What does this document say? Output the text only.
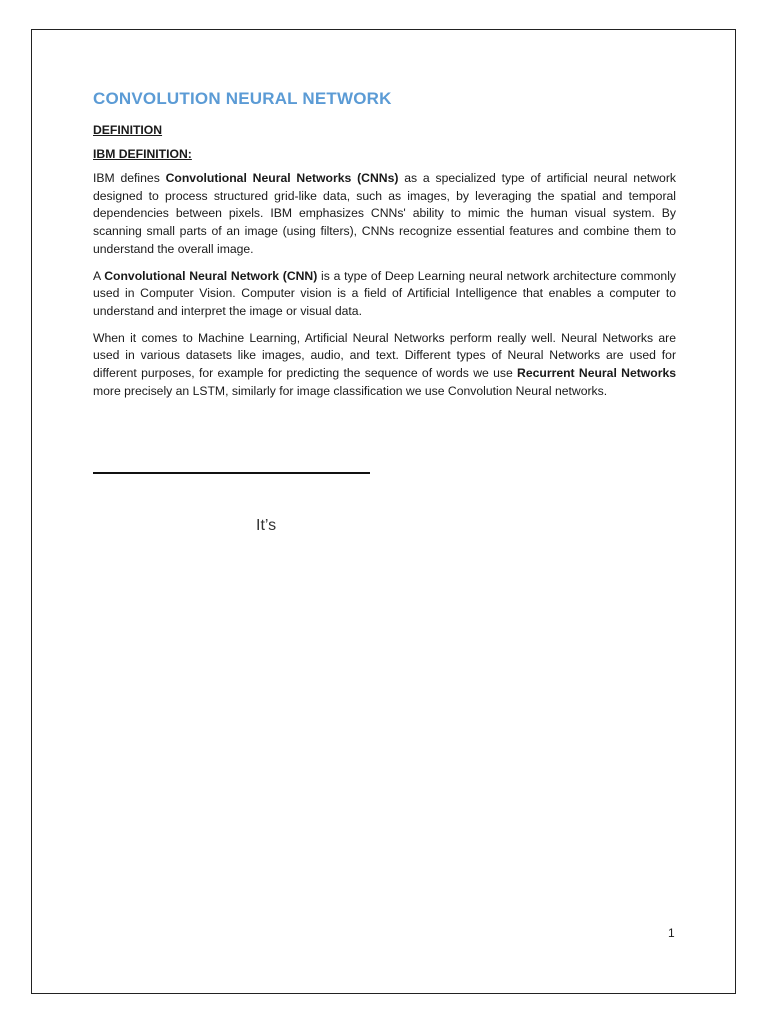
CONVOLUTION NEURAL NETWORK
DEFINITION
IBM DEFINITION:

IBM defines Convolutional Neural Networks (CNNs) as a specialized type of artificial neural network designed to process structured grid-like data, such as images, by leveraging the spatial and temporal dependencies between pixels. IBM emphasizes CNNs' ability to mimic the human visual system. By scanning small parts of an image (using filters), CNNs recognize essential features and combine them to understand the overall image.

A Convolutional Neural Network (CNN) is a type of Deep Learning neural network architecture commonly used in Computer Vision. Computer vision is a field of Artificial Intelligence that enables a computer to understand and interpret the image or visual data.

When it comes to Machine Learning, Artificial Neural Networks perform really well. Neural Networks are used in various datasets like images, audio, and text. Different types of Neural Networks are used for different purposes, for example for predicting the sequence of words we use Recurrent Neural Networks more precisely an LSTM, similarly for image classification we use Convolution Neural networks.

It’s
1
